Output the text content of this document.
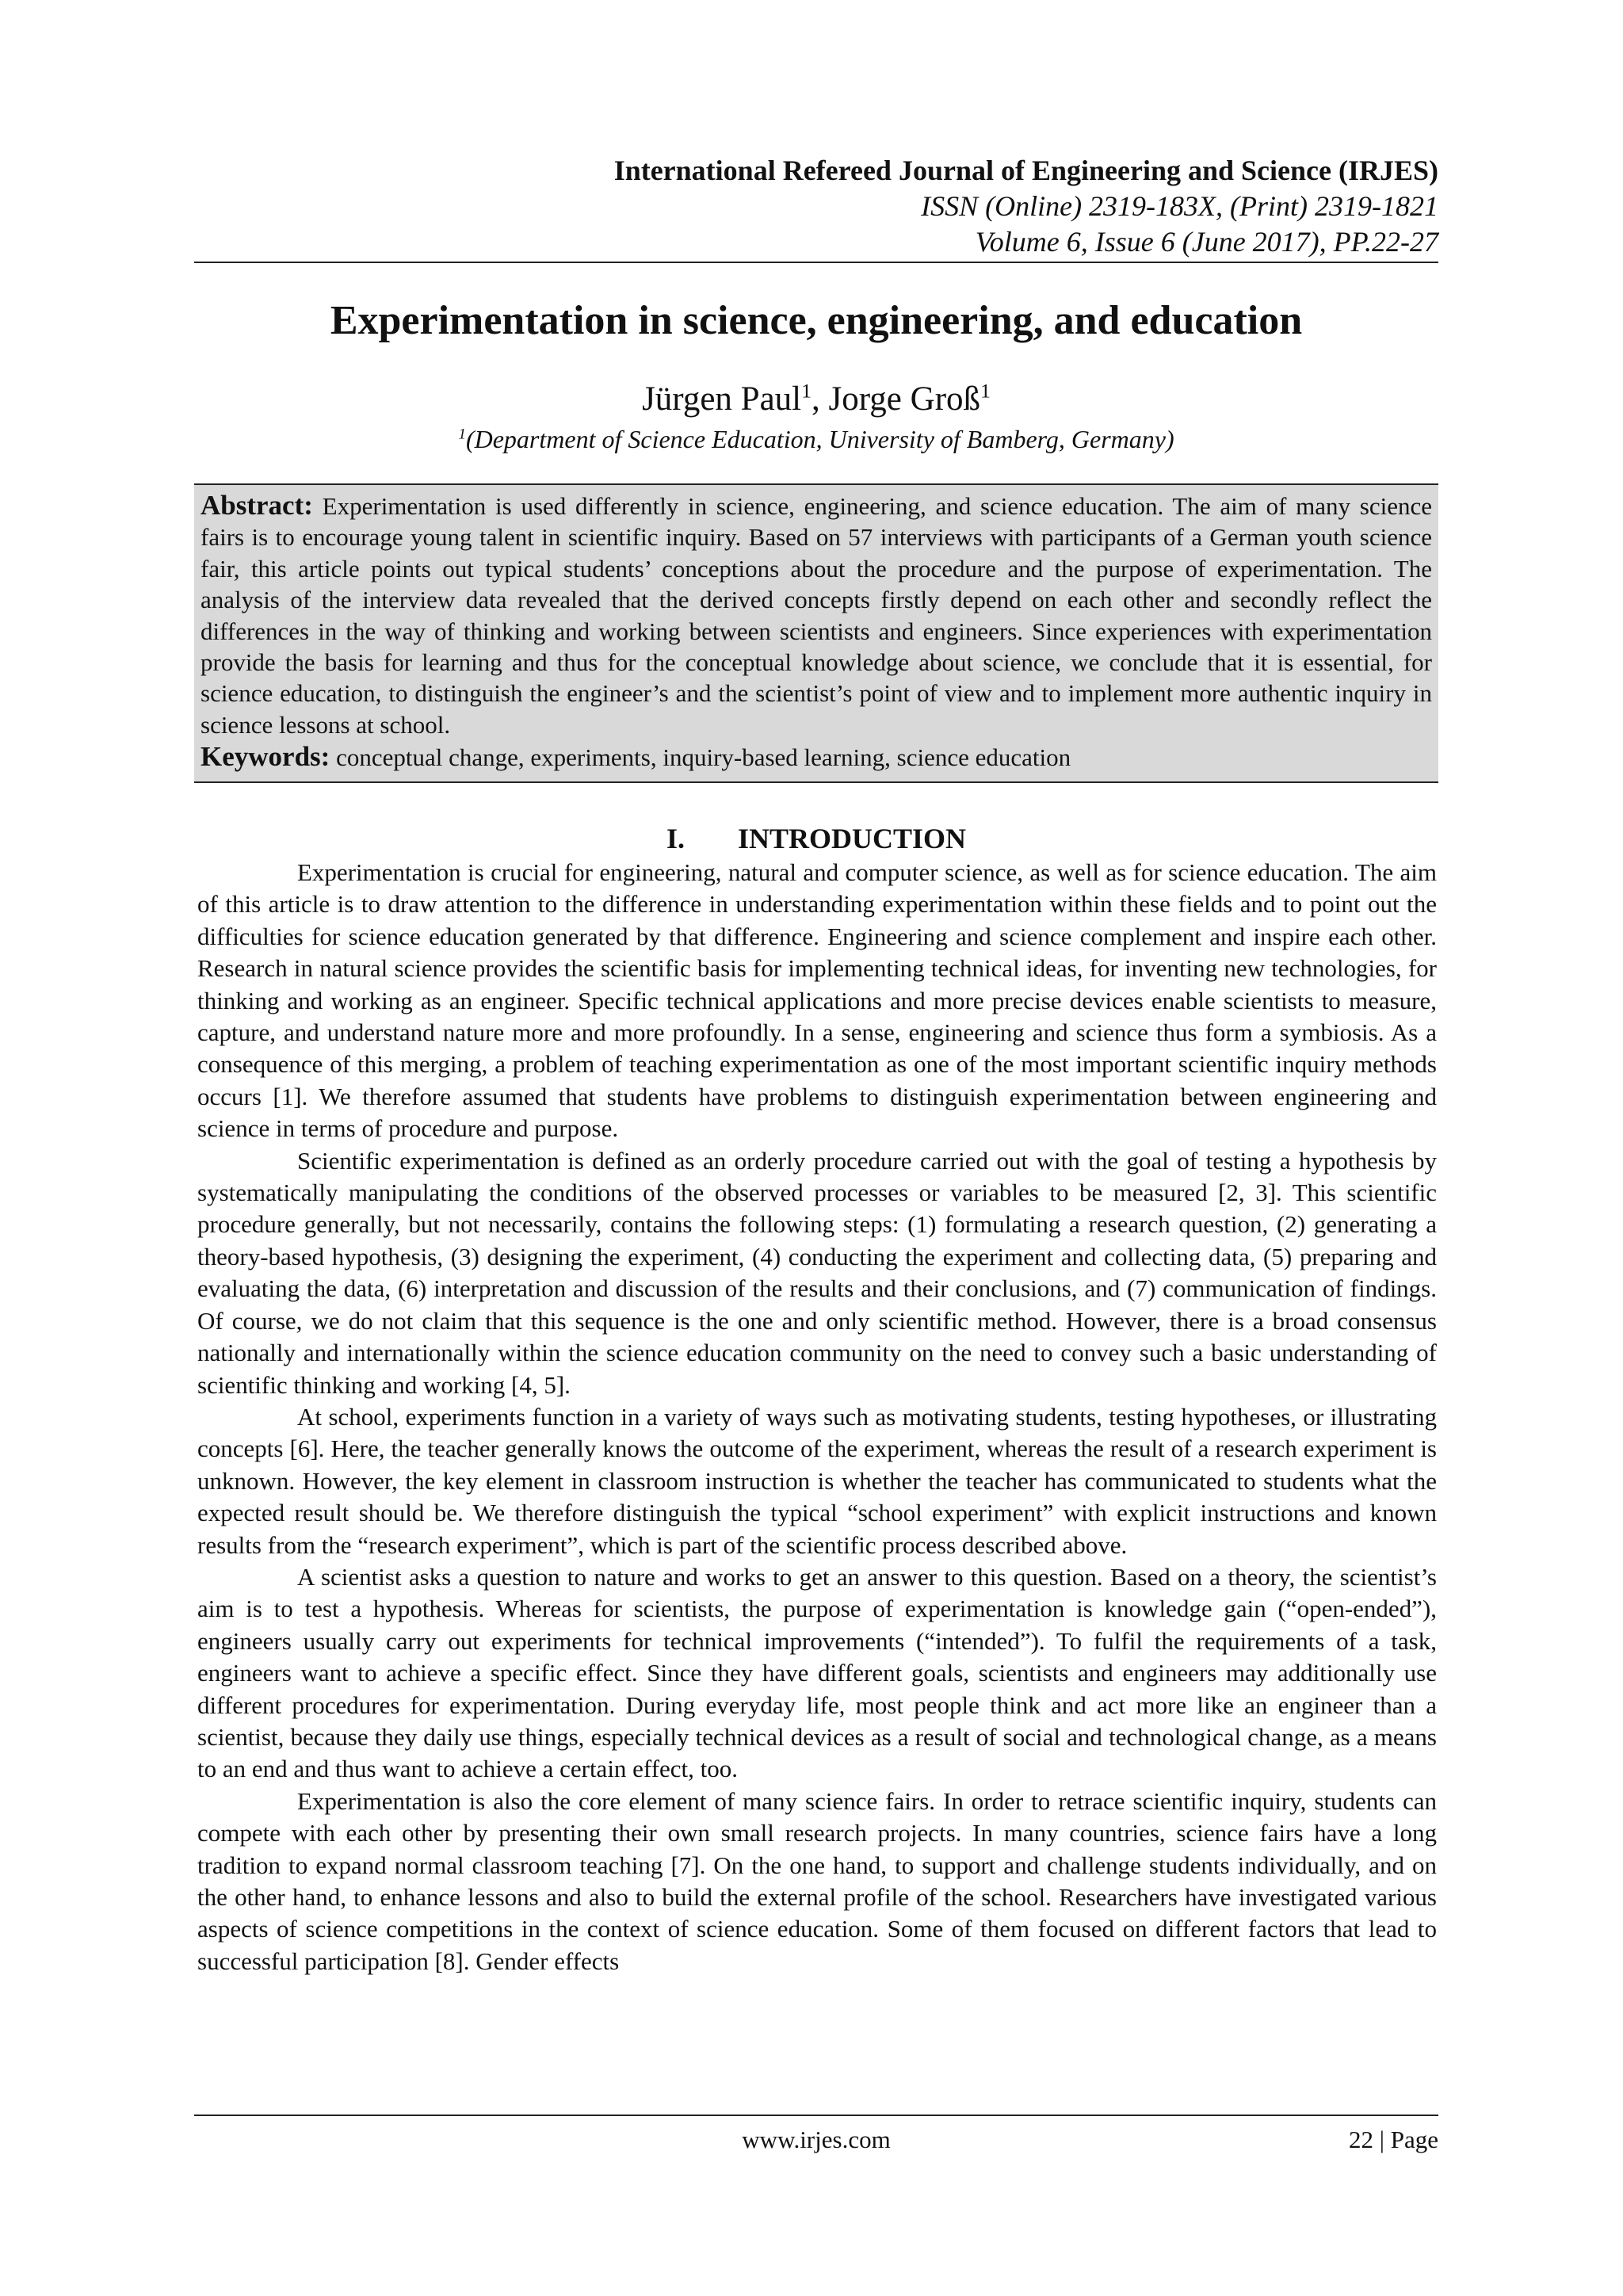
International Refereed Journal of Engineering and Science (IRJES)
ISSN (Online) 2319-183X, (Print) 2319-1821
Volume 6, Issue 6 (June 2017), PP.22-27
Experimentation in science, engineering, and education
Jürgen Paul$^1$, Jorge Groß$^1$
$^1$(Department of Science Education, University of Bamberg, Germany)

Abstract: Experimentation is used differently in science, engineering, and science education. The aim of many science fairs is to encourage young talent in scientific inquiry. Based on 57 interviews with participants of a German youth science fair, this article points out typical students’ conceptions about the procedure and the purpose of experimentation. The analysis of the interview data revealed that the derived concepts firstly depend on each other and secondly reflect the differences in the way of thinking and working between scientists and engineers. Since experiences with experimentation provide the basis for learning and thus for the conceptual knowledge about science, we conclude that it is essential, for science education, to distinguish the engineer’s and the scientist’s point of view and to implement more authentic inquiry in science lessons at school.

Keywords: conceptual change, experiments, inquiry-based learning, science education

I. INTRODUCTION

Experimentation is crucial for engineering, natural and computer science, as well as for science education. The aim of this article is to draw attention to the difference in understanding experimentation within these fields and to point out the difficulties for science education generated by that difference. Engineering and science complement and inspire each other. Research in natural science provides the scientific basis for implementing technical ideas, for inventing new technologies, for thinking and working as an engineer. Specific technical applications and more precise devices enable scientists to measure, capture, and understand nature more and more profoundly. In a sense, engineering and science thus form a symbiosis. As a consequence of this merging, a problem of teaching experimentation as one of the most important scientific inquiry methods occurs [1]. We therefore assumed that students have problems to distinguish experimentation between engineering and science in terms of procedure and purpose.

Scientific experimentation is defined as an orderly procedure carried out with the goal of testing a hypothesis by systematically manipulating the conditions of the observed processes or variables to be measured [2, 3]. This scientific procedure generally, but not necessarily, contains the following steps: (1) formulating a research question, (2) generating a theory-based hypothesis, (3) designing the experiment, (4) conducting the experiment and collecting data, (5) preparing and evaluating the data, (6) interpretation and discussion of the results and their conclusions, and (7) communication of findings. Of course, we do not claim that this sequence is the one and only scientific method. However, there is a broad consensus nationally and internationally within the science education community on the need to convey such a basic understanding of scientific thinking and working [4, 5].

At school, experiments function in a variety of ways such as motivating students, testing hypotheses, or illustrating concepts [6]. Here, the teacher generally knows the outcome of the experiment, whereas the result of a research experiment is unknown. However, the key element in classroom instruction is whether the teacher has communicated to students what the expected result should be. We therefore distinguish the typical “school experiment” with explicit instructions and known results from the “research experiment”, which is part of the scientific process described above.

A scientist asks a question to nature and works to get an answer to this question. Based on a theory, the scientist’s aim is to test a hypothesis. Whereas for scientists, the purpose of experimentation is knowledge gain (“open-ended”), engineers usually carry out experiments for technical improvements (“intended”). To fulfil the requirements of a task, engineers want to achieve a specific effect. Since they have different goals, scientists and engineers may additionally use different procedures for experimentation. During everyday life, most people think and act more like an engineer than a scientist, because they daily use things, especially technical devices as a result of social and technological change, as a means to an end and thus want to achieve a certain effect, too.

Experimentation is also the core element of many science fairs. In order to retrace scientific inquiry, students can compete with each other by presenting their own small research projects. In many countries, science fairs have a long tradition to expand normal classroom teaching [7]. On the one hand, to support and challenge students individually, and on the other hand, to enhance lessons and also to build the external profile of the school. Researchers have investigated various aspects of science competitions in the context of science education. Some of them focused on different factors that lead to successful participation [8]. Gender effects

www.irjes.com	22 | Page
